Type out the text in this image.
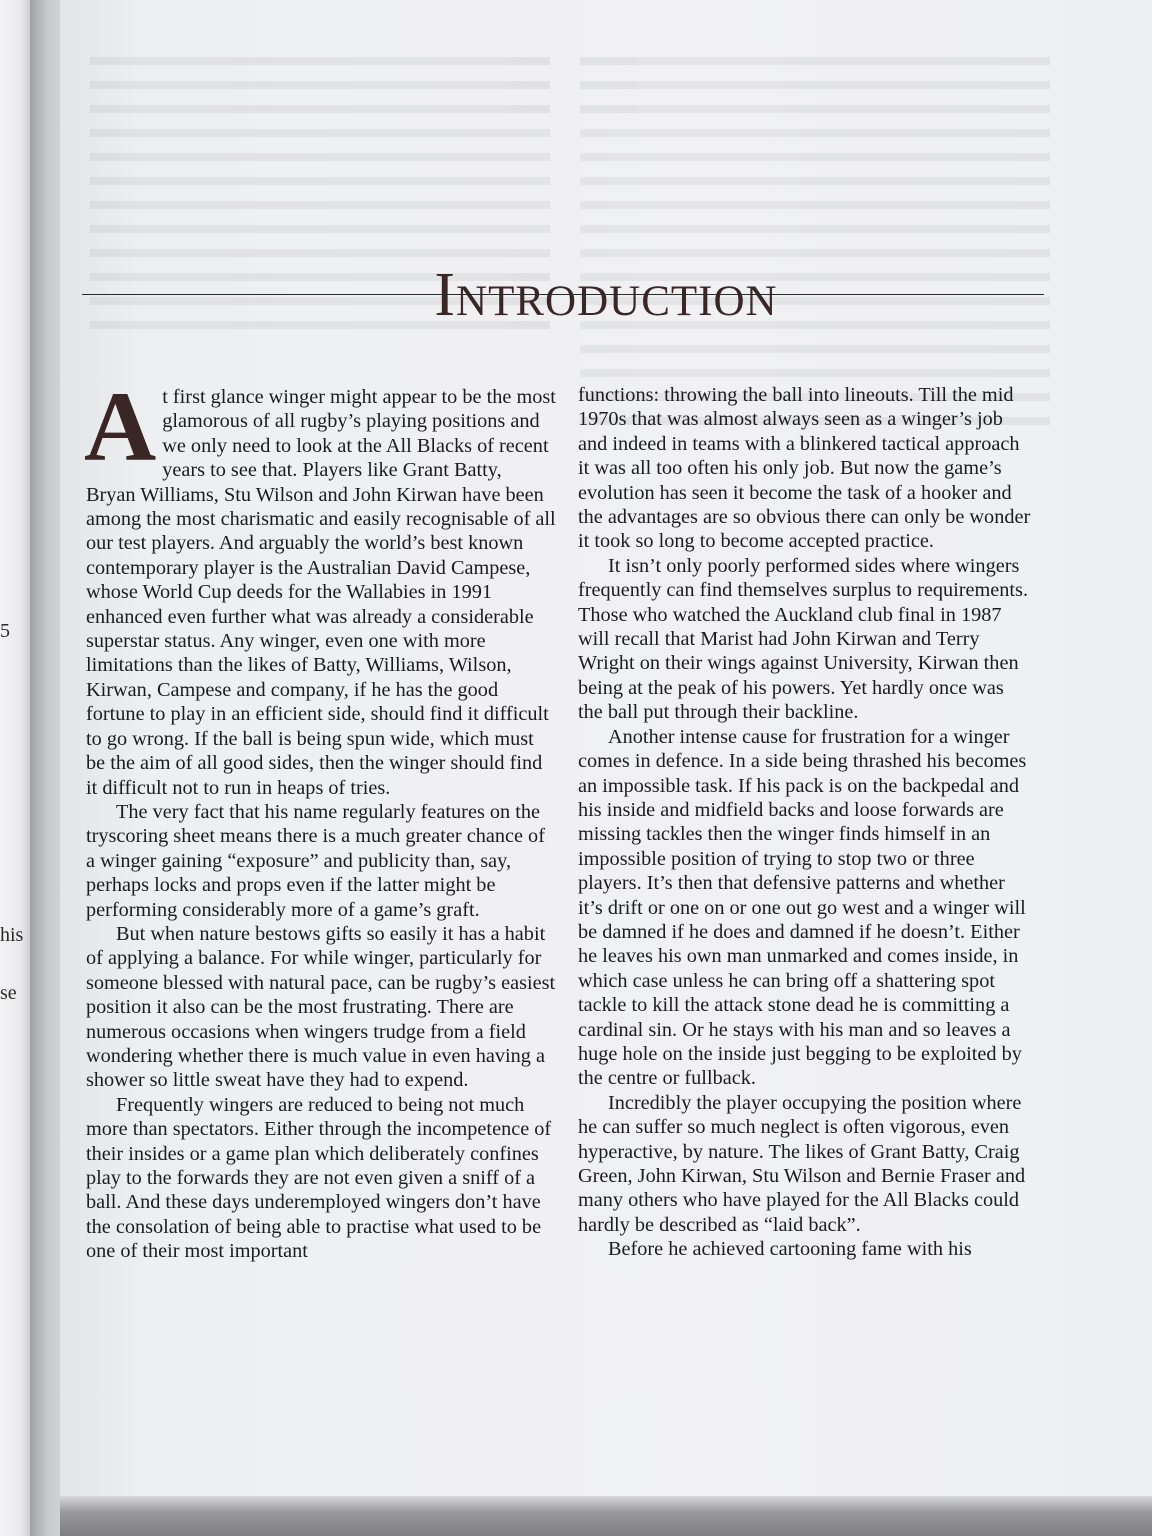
5
his
se

Introduction

At first glance winger might appear to be the most glamorous of all rugby’s playing positions and we only need to look at the All Blacks of recent years to see that. Players like Grant Batty, Bryan Williams, Stu Wilson and John Kirwan have been among the most charismatic and easily recognisable of all our test players. And arguably the world’s best known contemporary player is the Australian David Campese, whose World Cup deeds for the Wallabies in 1991 enhanced even further what was already a considerable superstar status. Any winger, even one with more limitations than the likes of Batty, Williams, Wilson, Kirwan, Campese and company, if he has the good fortune to play in an efficient side, should find it difficult to go wrong. If the ball is being spun wide, which must be the aim of all good sides, then the winger should find it difficult not to run in heaps of tries.

The very fact that his name regularly features on the tryscoring sheet means there is a much greater chance of a winger gaining “exposure” and publicity than, say, perhaps locks and props even if the latter might be performing considerably more of a game’s graft.

But when nature bestows gifts so easily it has a habit of applying a balance. For while winger, particularly for someone blessed with natural pace, can be rugby’s easiest position it also can be the most frustrating. There are numerous occasions when wingers trudge from a field wondering whether there is much value in even having a shower so little sweat have they had to expend.

Frequently wingers are reduced to being not much more than spectators. Either through the incompetence of their insides or a game plan which deliberately confines play to the forwards they are not even given a sniff of a ball. And these days underemployed wingers don’t have the consolation of being able to practise what used to be one of their most important

functions: throwing the ball into lineouts. Till the mid 1970s that was almost always seen as a winger’s job and indeed in teams with a blinkered tactical approach it was all too often his only job. But now the game’s evolution has seen it become the task of a hooker and the advantages are so obvious there can only be wonder it took so long to become accepted practice.

It isn’t only poorly performed sides where wingers frequently can find themselves surplus to requirements. Those who watched the Auckland club final in 1987 will recall that Marist had John Kirwan and Terry Wright on their wings against University, Kirwan then being at the peak of his powers. Yet hardly once was the ball put through their backline.

Another intense cause for frustration for a winger comes in defence. In a side being thrashed his becomes an impossible task. If his pack is on the backpedal and his inside and midfield backs and loose forwards are missing tackles then the winger finds himself in an impossible position of trying to stop two or three players. It’s then that defensive patterns and whether it’s drift or one on or one out go west and a winger will be damned if he does and damned if he doesn’t. Either he leaves his own man unmarked and comes inside, in which case unless he can bring off a shattering spot tackle to kill the attack stone dead he is committing a cardinal sin. Or he stays with his man and so leaves a huge hole on the inside just begging to be exploited by the centre or fullback.

Incredibly the player occupying the position where he can suffer so much neglect is often vigorous, even hyperactive, by nature. The likes of Grant Batty, Craig Green, John Kirwan, Stu Wilson and Bernie Fraser and many others who have played for the All Blacks could hardly be described as “laid back”.

Before he achieved cartooning fame with his
